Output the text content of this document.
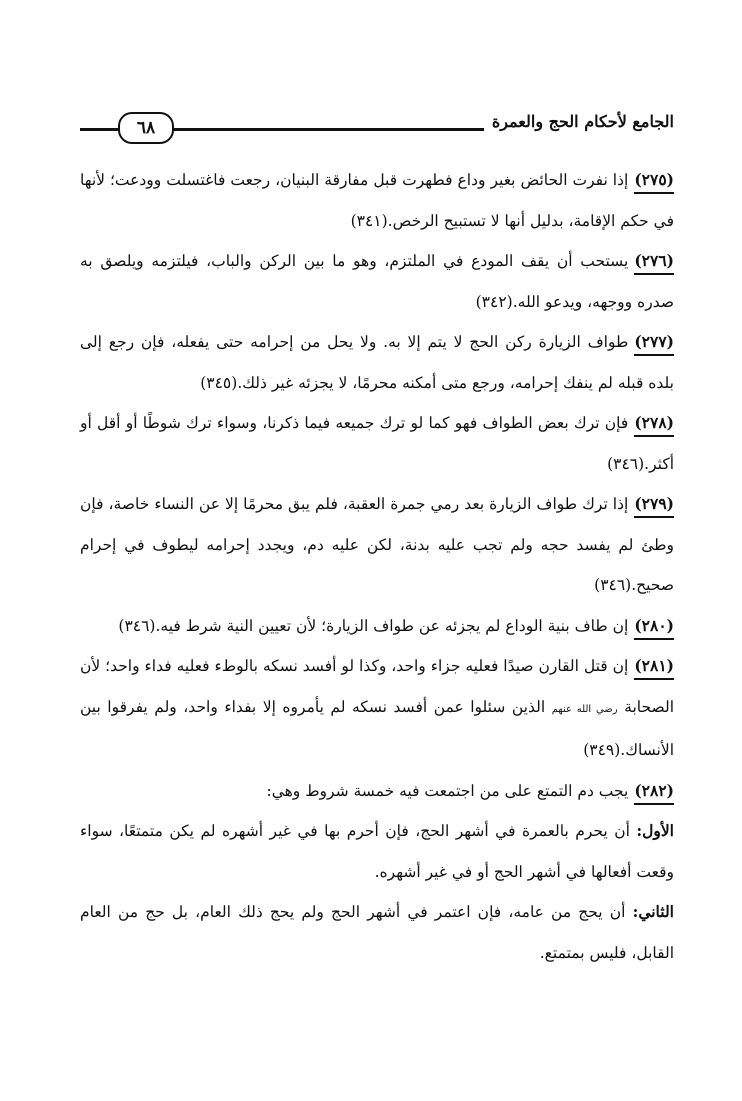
الجامع لأحكام الحج والعمرة
٦٨

(٢٧٥)إذا نفرت الحائض بغير وداع فطهرت قبل مفارقة البنيان، رجعت فاغتسلت وودعت؛ لأنها في حكم الإقامة، بدليل أنها لا تستبيح الرخص.(٣٤١)

(٢٧٦)يستحب أن يقف المودع في الملتزم، وهو ما بين الركن والباب، فيلتزمه ويلصق به صدره ووجهه، ويدعو الله.(٣٤٢)

(٢٧٧)طواف الزيارة ركن الحج لا يتم إلا به. ولا يحل من إحرامه حتى يفعله، فإن رجع إلى بلده قبله لم ينفك إحرامه، ورجع متى أمكنه محرمًا، لا يجزئه غير ذلك.(٣٤٥)

(٢٧٨)فإن ترك بعض الطواف فهو كما لو ترك جميعه فيما ذكرنا، وسواء ترك شوطًا أو أقل أو أكثر.(٣٤٦)

(٢٧٩)إذا ترك طواف الزيارة بعد رمي جمرة العقبة، فلم يبق محرمًا إلا عن النساء خاصة، فإن وطئ لم يفسد حجه ولم تجب عليه بدنة، لكن عليه دم، ويجدد إحرامه ليطوف في إحرام صحيح.(٣٤٦)

(٢٨٠)إن طاف بنية الوداع لم يجزئه عن طواف الزيارة؛ لأن تعيين النية شرط فيه.(٣٤٦)

(٢٨١)إن قتل القارن صيدًا فعليه جزاء واحد، وكذا لو أفسد نسكه بالوطء فعليه فداء واحد؛ لأن الصحابة رضي الله عنهم الذين سئلوا عمن أفسد نسكه لم يأمروه إلا بفداء واحد، ولم يفرقوا بين الأنساك.(٣٤٩)

(٢٨٢)يجب دم التمتع على من اجتمعت فيه خمسة شروط وهي:

الأول: أن يحرم بالعمرة في أشهر الحج، فإن أحرم بها في غير أشهره لم يكن متمتعًا، سواء وقعت أفعالها في أشهر الحج أو في غير أشهره.

الثاني: أن يحج من عامه، فإن اعتمر في أشهر الحج ولم يحج ذلك العام، بل حج من العام القابل، فليس بمتمتع.
